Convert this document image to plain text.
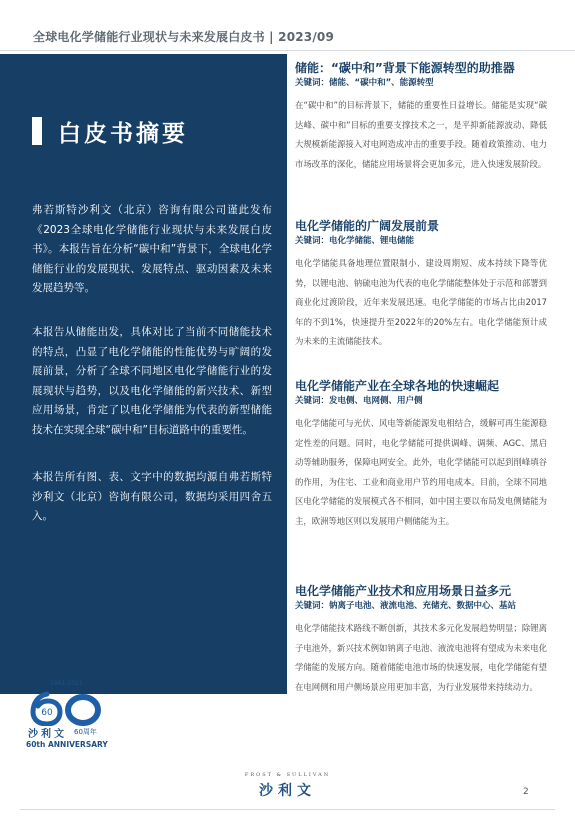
全球电化学储能行业现状与未来发展白皮书 | 2023/09
白皮书摘要
弗若斯特沙利文（北京）咨询有限公司谨此发布《2023全球电化学储能行业现状与未来发展白皮书》。本报告旨在分析“碳中和”背景下，全球电化学储能行业的发展现状、发展特点、驱动因素及未来发展趋势等。
本报告从储能出发，具体对比了当前不同储能技术的特点，凸显了电化学储能的性能优势与旷阔的发展前景，分析了全球不同地区电化学储能行业的发展现状与趋势，以及电化学储能的新兴技术、新型应用场景，肯定了以电化学储能为代表的新型储能技术在实现全球“碳中和”目标道路中的重要性。
本报告所有图、表、文字中的数据均源自弗若斯特沙利文（北京）咨询有限公司，数据均采用四舍五入。
1961-2021
60
沙利文 60周年
60th ANNIVERSARY
储能：“碳中和”背景下能源转型的助推器
关键词：储能、“碳中和”、能源转型
在“碳中和”的目标背景下，储能的重要性日益增长。储能是实现“碳达峰、碳中和”目标的重要支撑技术之一，是平抑新能源波动、降低大规模新能源接入对电网造成冲击的重要手段。随着政策推动、电力市场改革的深化，储能应用场景将会更加多元，进入快速发展阶段。
电化学储能的广阔发展前景
关键词：电化学储能、锂电储能
电化学储能具备地理位置限制小、建设周期短、成本持续下降等优势，以锂电池、钠硫电池为代表的电化学储能整体处于示范和部署到商业化过渡阶段，近年来发展迅速。电化学储能的市场占比由2017年的不到1%，快速提升至2022年的20%左右。电化学储能预计成为未来的主流储能技术。
电化学储能产业在全球各地的快速崛起
关键词：发电侧、电网侧、用户侧
电化学储能可与光伏、风电等新能源发电相结合，缓解可再生能源稳定性差的问题。同时，电化学储能可提供调峰、调频、AGC、黑启动等辅助服务，保障电网安全。此外，电化学储能可以起到削峰填谷的作用，为住宅、工业和商业用户节约用电成本。目前，全球不同地区电化学储能的发展模式各不相同，如中国主要以布局发电侧储能为主，欧洲等地区则以发展用户侧储能为主。
电化学储能产业技术和应用场景日益多元
关键词：钠离子电池、液流电池、充储充、数据中心、基站
电化学储能技术路线不断创新，其技术多元化发展趋势明显；除锂离子电池外，新兴技术例如钠离子电池、液流电池将有望成为未来电化学储能的发展方向。随着储能电池市场的快速发展，电化学储能有望在电网侧和用户侧场景应用更加丰富，为行业发展带来持续动力。
FROST & SULLIVAN
沙利文	2
